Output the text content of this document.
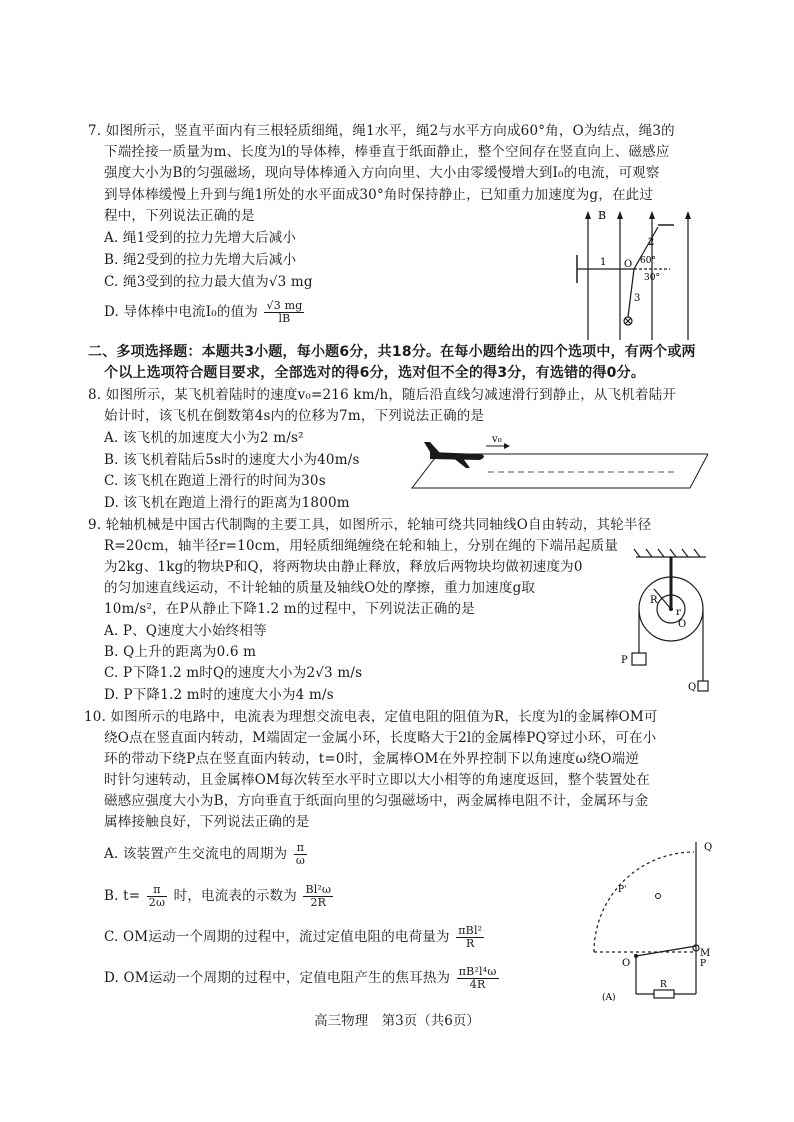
7. 如图所示，竖直平面内有三根轻质细绳，绳1水平，绳2与水平方向成60°角，O为结点，绳3的
下端拴接一质量为m、长度为l的导体棒，棒垂直于纸面静止，整个空间存在竖直向上、磁感应
强度大小为B的匀强磁场，现向导体棒通入方向向里、大小由零缓慢增大到I₀的电流，可观察
到导体棒缓慢上升到与绳1所处的水平面成30°角时保持静止，已知重力加速度为g，在此过
程中，下列说法正确的是
A. 绳1受到的拉力先增大后减小
B. 绳2受到的拉力先增大后减小
C. 绳3受到的拉力最大值为√3 mg
D. 导体棒中电流I₀的值为 $\frac{√3 mg}{lB}$
B
1
2
3
O 60°
30°
二、多项选择题：本题共3小题，每小题6分，共18分。在每小题给出的四个选项中，有两个或两
个以上选项符合题目要求，全部选对的得6分，选对但不全的得3分，有选错的得0分。
8. 如图所示，某飞机着陆时的速度v₀=216 km/h，随后沿直线匀减速滑行到静止，从飞机着陆开
始计时，该飞机在倒数第4s内的位移为7m，下列说法正确的是
A. 该飞机的加速度大小为2 m/s²
B. 该飞机着陆后5s时的速度大小为40m/s
C. 该飞机在跑道上滑行的时间为30s
D. 该飞机在跑道上滑行的距离为1800m
v₀
9. 轮轴机械是中国古代制陶的主要工具，如图所示，轮轴可绕共同轴线O自由转动，其轮半径
R=20cm，轴半径r=10cm，用轻质细绳缠绕在轮和轴上，分别在绳的下端吊起质量
为2kg、1kg的物块P和Q，将两物块由静止释放，释放后两物块均做初速度为0
的匀加速直线运动，不计轮轴的质量及轴线O处的摩擦，重力加速度g取
10m/s²，在P从静止下降1.2 m的过程中，下列说法正确的是
A. P、Q速度大小始终相等
B. Q上升的距离为0.6 m
C. P下降1.2 m时Q的速度大小为2√3 m/s
D. P下降1.2 m时的速度大小为4 m/s
R
r
O
P
Q
10. 如图所示的电路中，电流表为理想交流电表，定值电阻的阻值为R，长度为l的金属棒OM可
绕O点在竖直面内转动，M端固定一金属小环，长度略大于2l的金属棒PQ穿过小环，可在小
环的带动下绕P点在竖直面内转动，t=0时，金属棒OM在外界控制下以角速度ω绕O端逆
时针匀速转动，且金属棒OM每次转至水平时立即以大小相等的角速度返回，整个装置处在
磁感应强度大小为B，方向垂直于纸面向里的匀强磁场中，两金属棒电阻不计，金属环与金
属棒接触良好，下列说法正确的是
A. 该装置产生交流电的周期为 $\frac{\pi}{\omega}$
B. $t= \frac{\pi}{2\omega}$ 时，电流表的示数为 $\frac{\text{Bl²ω}}{2R}$
C. OM运动一个周期的过程中，流过定值电阻的电荷量为 $\frac{\text{πBl²}}{R}$
D. OM运动一个周期的过程中，定值电阻产生的焦耳热为 $\frac{\text{πB²l⁴ω}}{4R}$
Q
M
P
O
P'
(A)
R
高三物理　第3页（共6页）
